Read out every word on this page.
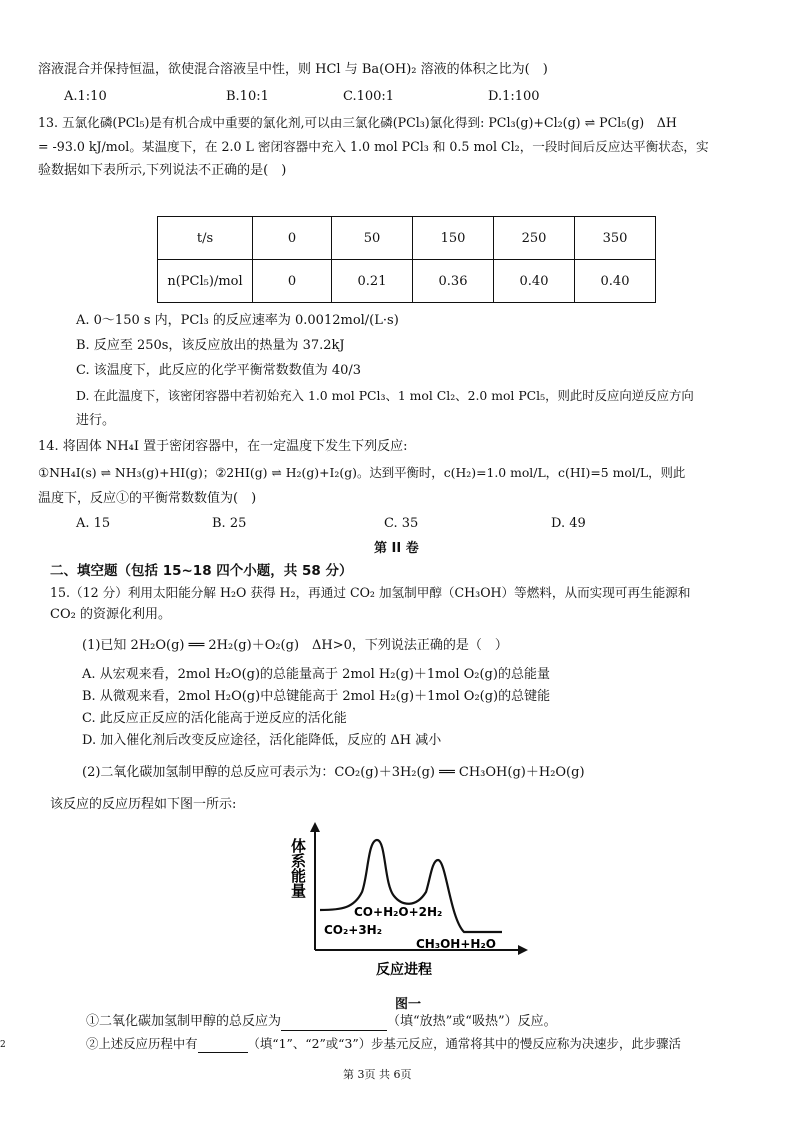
溶液混合并保持恒温，欲使混合溶液呈中性，则 HCl 与 Ba(OH)₂ 溶液的体积之比为(　)
A.1:10	B.10:1	C.100:1	D.1:100
13. 五氯化磷(PCl₅)是有机合成中重要的氯化剂,可以由三氯化磷(PCl₃)氯化得到: PCl₃(g)+Cl₂(g) ⇌ PCl₅(g)　ΔH
= -93.0 kJ/mol。某温度下，在 2.0 L 密闭容器中充入 1.0 mol PCl₃ 和 0.5 mol Cl₂，一段时间后反应达平衡状态，实
验数据如下表所示,下列说法不正确的是(　)
t/s	0	50	150	250	350
n(PCl₅)/mol	0	0.21	0.36	0.40	0.40
A. 0～150 s 内，PCl₃ 的反应速率为 0.0012mol/(L·s)
B. 反应至 250s，该反应放出的热量为 37.2kJ
C. 该温度下，此反应的化学平衡常数数值为 40/3
D. 在此温度下，该密闭容器中若初始充入 1.0 mol PCl₃、1 mol Cl₂、2.0 mol PCl₅，则此时反应向逆反应方向
进行。
14. 将固体 NH₄I 置于密闭容器中，在一定温度下发生下列反应:
①NH₄I(s) ⇌ NH₃(g)+HI(g)；②2HI(g) ⇌ H₂(g)+I₂(g)。达到平衡时，c(H₂)=1.0 mol/L，c(HI)=5 mol/L，则此
温度下，反应①的平衡常数数值为(　)
A. 15	B. 25	C. 35	D. 49
第 II 卷
二、填空题（包括 15~18 四个小题，共 58 分）
15.（12 分）利用太阳能分解 H₂O 获得 H₂，再通过 CO₂ 加氢制甲醇（CH₃OH）等燃料，从而实现可再生能源和
CO₂ 的资源化利用。
(1)已知 2H₂O(g) ══ 2H₂(g)＋O₂(g)　ΔH>0，下列说法正确的是（　）
A. 从宏观来看，2mol H₂O(g)的总能量高于 2mol H₂(g)＋1mol O₂(g)的总能量
B. 从微观来看，2mol H₂O(g)中总键能高于 2mol H₂(g)＋1mol O₂(g)的总键能
C. 此反应正反应的活化能高于逆反应的活化能
D. 加入催化剂后改变反应途径，活化能降低，反应的 ΔH 减小
(2)二氧化碳加氢制甲醇的总反应可表示为：CO₂(g)＋3H₂(g) ══ CH₃OH(g)＋H₂O(g)
该反应的反应历程如下图一所示:
体系能量
CO₂+3H₂
CO+H₂O+2H₂
CH₃OH+H₂O
反应进程
图一
①二氧化碳加氢制甲醇的总反应为	（填“放热”或“吸热”）反应。
②上述反应历程中有	（填“1”、“2”或“3”）步基元反应，通常将其中的慢反应称为决速步，此步骤活
2
第 3页 共 6页
